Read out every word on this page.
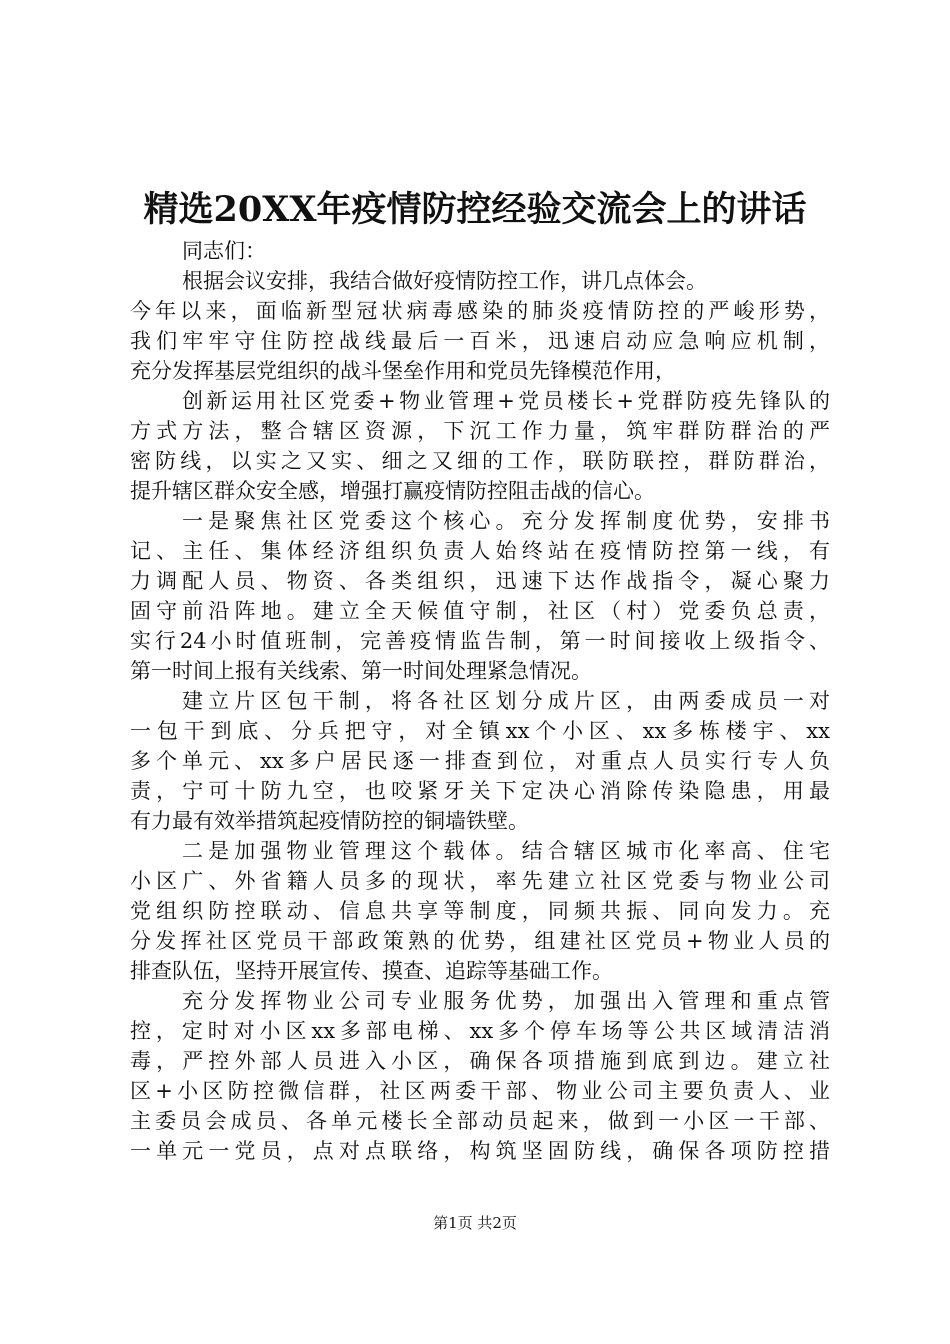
精选20XX年疫情防控经验交流会上的讲话
同志们：
根据会议安排，我结合做好疫情防控工作，讲几点体会。
今年以来，面临新型冠状病毒感染的肺炎疫情防控的严峻形势，
我们牢牢守住防控战线最后一百米，迅速启动应急响应机制，
充分发挥基层党组织的战斗堡垒作用和党员先锋模范作用，
创新运用社区党委+物业管理+党员楼长+党群防疫先锋队的
方式方法，整合辖区资源，下沉工作力量，筑牢群防群治的严
密防线，以实之又实、细之又细的工作，联防联控，群防群治，
提升辖区群众安全感，增强打赢疫情防控阻击战的信心。
一是聚焦社区党委这个核心。充分发挥制度优势，安排书
记、主任、集体经济组织负责人始终站在疫情防控第一线，有
力调配人员、物资、各类组织，迅速下达作战指令，凝心聚力
固守前沿阵地。建立全天候值守制，社区（村）党委负总责，
实行24小时值班制，完善疫情监告制，第一时间接收上级指令、
第一时间上报有关线索、第一时间处理紧急情况。
建立片区包干制，将各社区划分成片区，由两委成员一对
一包干到底、分兵把守，对全镇xx个小区、xx多栋楼宇、xx
多个单元、xx多户居民逐一排查到位，对重点人员实行专人负
责，宁可十防九空，也咬紧牙关下定决心消除传染隐患，用最
有力最有效举措筑起疫情防控的铜墙铁壁。
二是加强物业管理这个载体。结合辖区城市化率高、住宅
小区广、外省籍人员多的现状，率先建立社区党委与物业公司
党组织防控联动、信息共享等制度，同频共振、同向发力。充
分发挥社区党员干部政策熟的优势，组建社区党员+物业人员的
排查队伍，坚持开展宣传、摸查、追踪等基础工作。
充分发挥物业公司专业服务优势，加强出入管理和重点管
控，定时对小区xx多部电梯、xx多个停车场等公共区域清洁消
毒，严控外部人员进入小区，确保各项措施到底到边。建立社
区+小区防控微信群，社区两委干部、物业公司主要负责人、业
主委员会成员、各单元楼长全部动员起来，做到一小区一干部、
一单元一党员，点对点联络，构筑坚固防线，确保各项防控措
第1页 共2页
